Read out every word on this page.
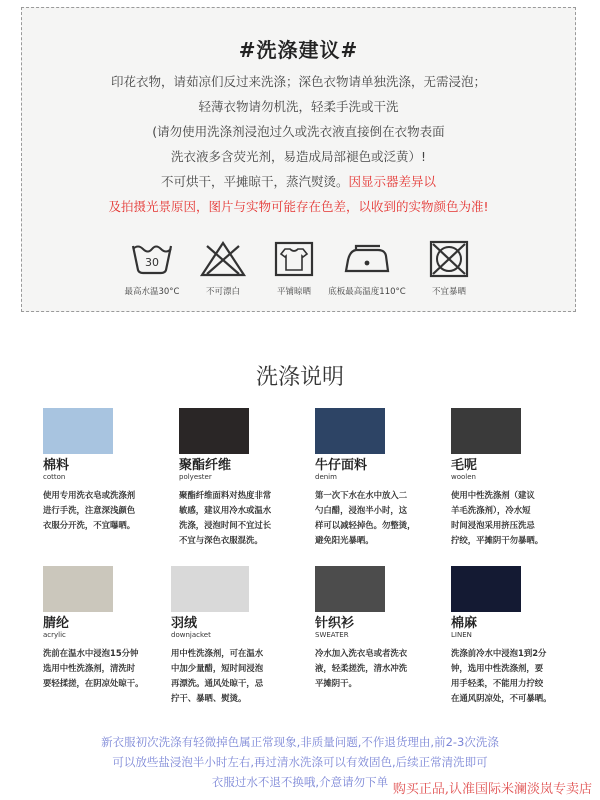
#洗涤建议#
印花衣物，请茹凉们反过来洗涤；深色衣物请单独洗涤，无需浸泡；
轻薄衣物请勿机洗，轻柔手洗或干洗
(请勿使用洗涤剂浸泡过久或洗衣液直接倒在衣物表面
洗衣液多含荧光剂，易造成局部褪色或泛黄）!
不可烘干，平摊晾干，蒸汽熨烫。因显示器差异以
及拍摄光景原因，图片与实物可能存在色差，以收到的实物颜色为准!
30
最高水温30°C	不可漂白	平铺晾晒	底板最高温度110°C	不宜暴晒
洗涤说明
棉料
cotton
使用专用洗衣皂或洗涤剂
进行手洗，注意深浅颜色
衣服分开洗，不宜曝晒。
聚酯纤维
polyester
聚酯纤维面料对热度非常
敏感，建议用冷水或温水
洗涤，浸泡时间不宜过长
不宜与深色衣服混洗。
牛仔面料
denim
第一次下水在水中放入二
勺白醋，浸泡半小时，这
样可以减轻掉色。勿整烫，
避免阳光暴晒。
毛呢
woolen
使用中性洗涤剂（建议
羊毛洗涤剂），冷水短
时间浸泡采用挤压洗忌
拧绞，平摊阴干勿暴晒。
腈纶
acrylic
洗前在温水中浸泡15分钟
选用中性洗涤剂，清洗时
要轻揉搓，在阴凉处晾干。
羽绒
downjacket
用中性洗涤剂，可在温水
中加少量醋，短时间浸泡
再漂洗。通风处晾干，忌
拧干、暴晒、熨烫。
针织衫
SWEATER
冷水加入洗衣皂或者洗衣
液，轻柔搓洗，清水冲洗
平摊阴干。
棉麻
LINEN
洗涤前冷水中浸泡1到2分
钟，选用中性洗涤剂，要
用手轻柔，不能用力拧绞
在通风阴凉处，不可暴晒。
新衣服初次洗涤有轻微掉色属正常现象,非质量问题,不作退货理由,前2-3次洗涤
可以放些盐浸泡半小时左右,再过清水洗涤可以有效固色,后续正常清洗即可
衣服过水不退不换哦,介意请勿下单 购买正品,认准国际米澜淡岚专卖店
